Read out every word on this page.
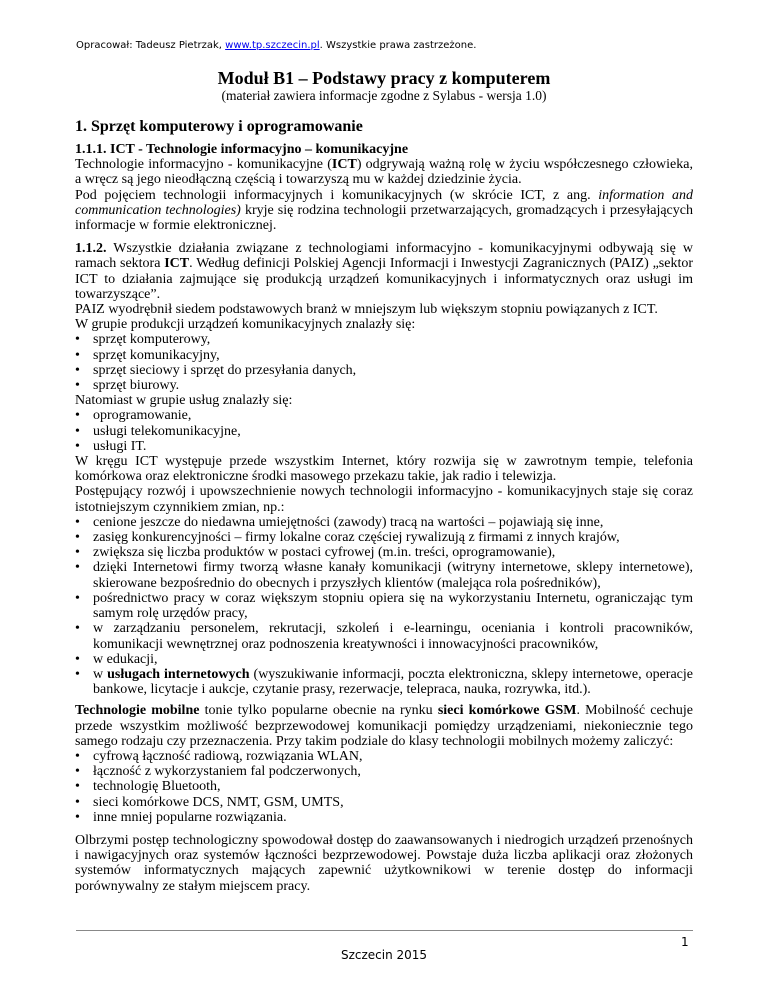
Opracował: Tadeusz Pietrzak, www.tp.szczecin.pl. Wszystkie prawa zastrzeżone.

Moduł B1 – Podstawy pracy z komputerem

(materiał zawiera informacje zgodne z Sylabus - wersja 1.0)

1. Sprzęt komputerowy i oprogramowanie

1.1.1. ICT - Technologie informacyjno – komunikacyjne

Technologie informacyjno - komunikacyjne (ICT) odgrywają ważną rolę w życiu współczesnego człowieka, a wręcz są jego nieodłączną częścią i towarzyszą mu w każdej dziedzinie życia.

Pod pojęciem technologii informacyjnych i komunikacyjnych (w skrócie ICT, z ang. information and communication technologies) kryje się rodzina technologii przetwarzających, gromadzących i przesyłających informacje w formie elektronicznej.

1.1.2. Wszystkie działania związane z technologiami informacyjno - komunikacyjnymi odbywają się w ramach sektora ICT. Według definicji Polskiej Agencji Informacji i Inwestycji Zagranicznych (PAIZ) „sektor ICT to działania zajmujące się produkcją urządzeń komunikacyjnych i informatycznych oraz usługi im towarzyszące”.

PAIZ wyodrębnił siedem podstawowych branż w mniejszym lub większym stopniu powiązanych z ICT.

W grupie produkcji urządzeń komunikacyjnych znalazły się:

• sprzęt komputerowy,
• sprzęt komunikacyjny,
• sprzęt sieciowy i sprzęt do przesyłania danych,
• sprzęt biurowy.

Natomiast w grupie usług znalazły się:

• oprogramowanie,
• usługi telekomunikacyjne,
• usługi IT.

W kręgu ICT występuje przede wszystkim Internet, który rozwija się w zawrotnym tempie, telefonia komórkowa oraz elektroniczne środki masowego przekazu takie, jak radio i telewizja.

Postępujący rozwój i upowszechnienie nowych technologii informacyjno - komunikacyjnych staje się coraz istotniejszym czynnikiem zmian, np.:

• cenione jeszcze do niedawna umiejętności (zawody) tracą na wartości – pojawiają się inne,
• zasięg konkurencyjności – firmy lokalne coraz częściej rywalizują z firmami z innych krajów,
• zwiększa się liczba produktów w postaci cyfrowej (m.in. treści, oprogramowanie),
• dzięki Internetowi firmy tworzą własne kanały komunikacji (witryny internetowe, sklepy internetowe), skierowane bezpośrednio do obecnych i przyszłych klientów (malejąca rola pośredników),
• pośrednictwo pracy w coraz większym stopniu opiera się na wykorzystaniu Internetu, ograniczając tym samym rolę urzędów pracy,
• w zarządzaniu personelem, rekrutacji, szkoleń i e-learningu, oceniania i kontroli pracowników, komunikacji wewnętrznej oraz podnoszenia kreatywności i innowacyjności pracowników,
• w edukacji,
• w usługach internetowych (wyszukiwanie informacji, poczta elektroniczna, sklepy internetowe, operacje bankowe, licytacje i aukcje, czytanie prasy, rezerwacje, telepraca, nauka, rozrywka, itd.).

Technologie mobilne tonie tylko popularne obecnie na rynku sieci komórkowe GSM. Mobilność cechuje przede wszystkim możliwość bezprzewodowej komunikacji pomiędzy urządzeniami, niekoniecznie tego samego rodzaju czy przeznaczenia. Przy takim podziale do klasy technologii mobilnych możemy zaliczyć:

• cyfrową łączność radiową, rozwiązania WLAN,
• łączność z wykorzystaniem fal podczerwonych,
• technologię Bluetooth,
• sieci komórkowe DCS, NMT, GSM, UMTS,
• inne mniej popularne rozwiązania.

Olbrzymi postęp technologiczny spowodował dostęp do zaawansowanych i niedrogich urządzeń przenośnych i nawigacyjnych oraz systemów łączności bezprzewodowej. Powstaje duża liczba aplikacji oraz złożonych systemów informatycznych mających zapewnić użytkownikowi w terenie dostęp do informacji porównywalny ze stałym miejscem pracy.

1
Szczecin 2015
